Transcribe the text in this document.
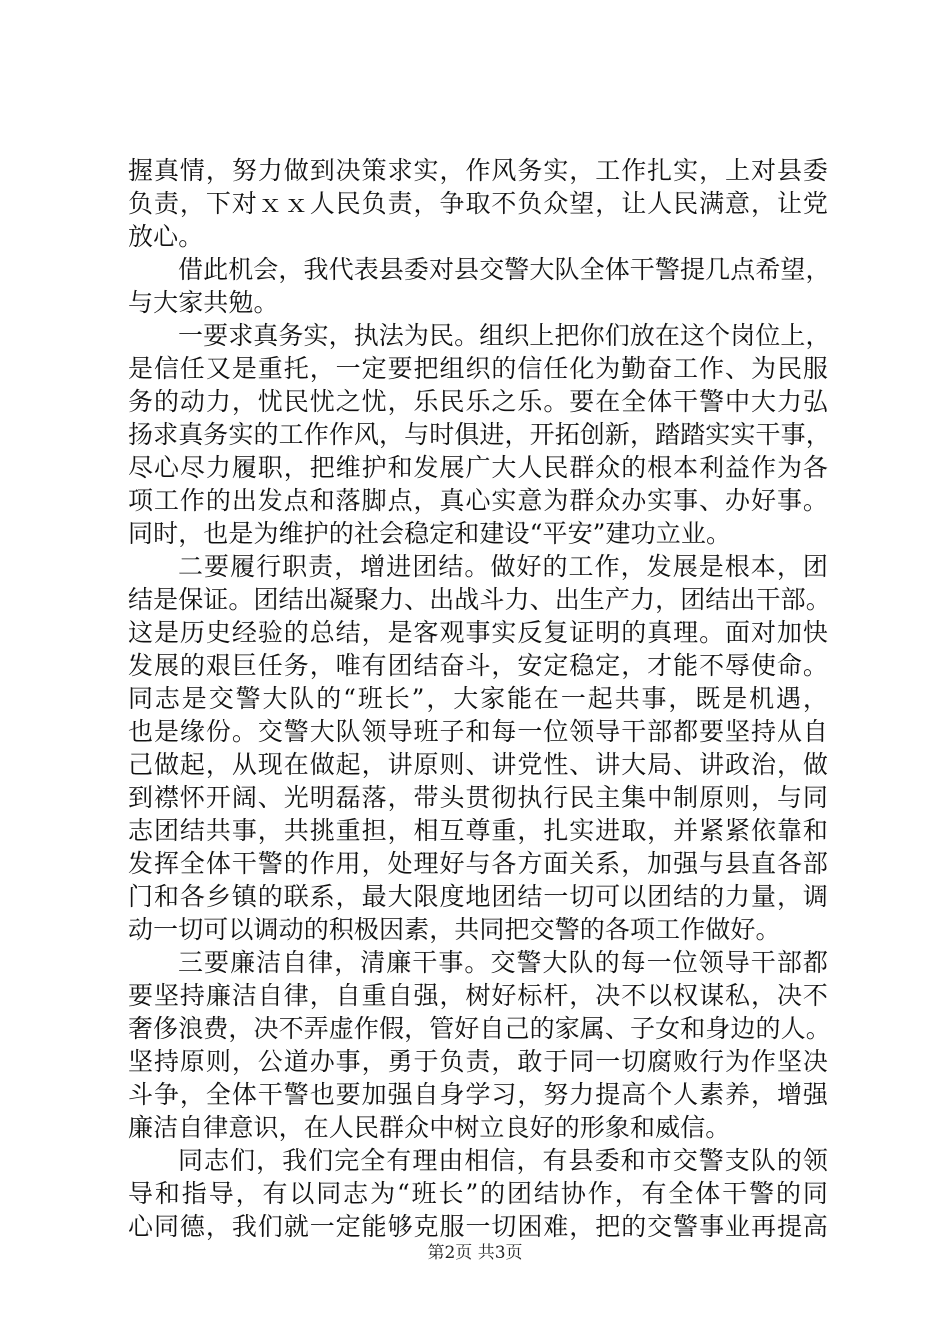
握真情，努力做到决策求实，作风务实，工作扎实，上对县委
负责，下对ｘｘ人民负责，争取不负众望，让人民满意，让党
放心。
借此机会，我代表县委对县交警大队全体干警提几点希望，
与大家共勉。
一要求真务实，执法为民。组织上把你们放在这个岗位上，
是信任又是重托，一定要把组织的信任化为勤奋工作、为民服
务的动力，忧民忧之忧，乐民乐之乐。要在全体干警中大力弘
扬求真务实的工作作风，与时俱进，开拓创新，踏踏实实干事，
尽心尽力履职，把维护和发展广大人民群众的根本利益作为各
项工作的出发点和落脚点，真心实意为群众办实事、办好事。
同时，也是为维护的社会稳定和建设“平安”建功立业。
二要履行职责，增进团结。做好的工作，发展是根本，团
结是保证。团结出凝聚力、出战斗力、出生产力，团结出干部。
这是历史经验的总结，是客观事实反复证明的真理。面对加快
发展的艰巨任务，唯有团结奋斗，安定稳定，才能不辱使命。
同志是交警大队的“班长”，大家能在一起共事，既是机遇，
也是缘份。交警大队领导班子和每一位领导干部都要坚持从自
己做起，从现在做起，讲原则、讲党性、讲大局、讲政治，做
到襟怀开阔、光明磊落，带头贯彻执行民主集中制原则，与同
志团结共事，共挑重担，相互尊重，扎实进取，并紧紧依靠和
发挥全体干警的作用，处理好与各方面关系，加强与县直各部
门和各乡镇的联系，最大限度地团结一切可以团结的力量，调
动一切可以调动的积极因素，共同把交警的各项工作做好。
三要廉洁自律，清廉干事。交警大队的每一位领导干部都
要坚持廉洁自律，自重自强，树好标杆，决不以权谋私，决不
奢侈浪费，决不弄虚作假，管好自己的家属、子女和身边的人。
坚持原则，公道办事，勇于负责，敢于同一切腐败行为作坚决
斗争，全体干警也要加强自身学习，努力提高个人素养，增强
廉洁自律意识，在人民群众中树立良好的形象和威信。
同志们，我们完全有理由相信，有县委和市交警支队的领
导和指导，有以同志为“班长”的团结协作，有全体干警的同
心同德，我们就一定能够克服一切困难，把的交警事业再提高
第2页 共3页
